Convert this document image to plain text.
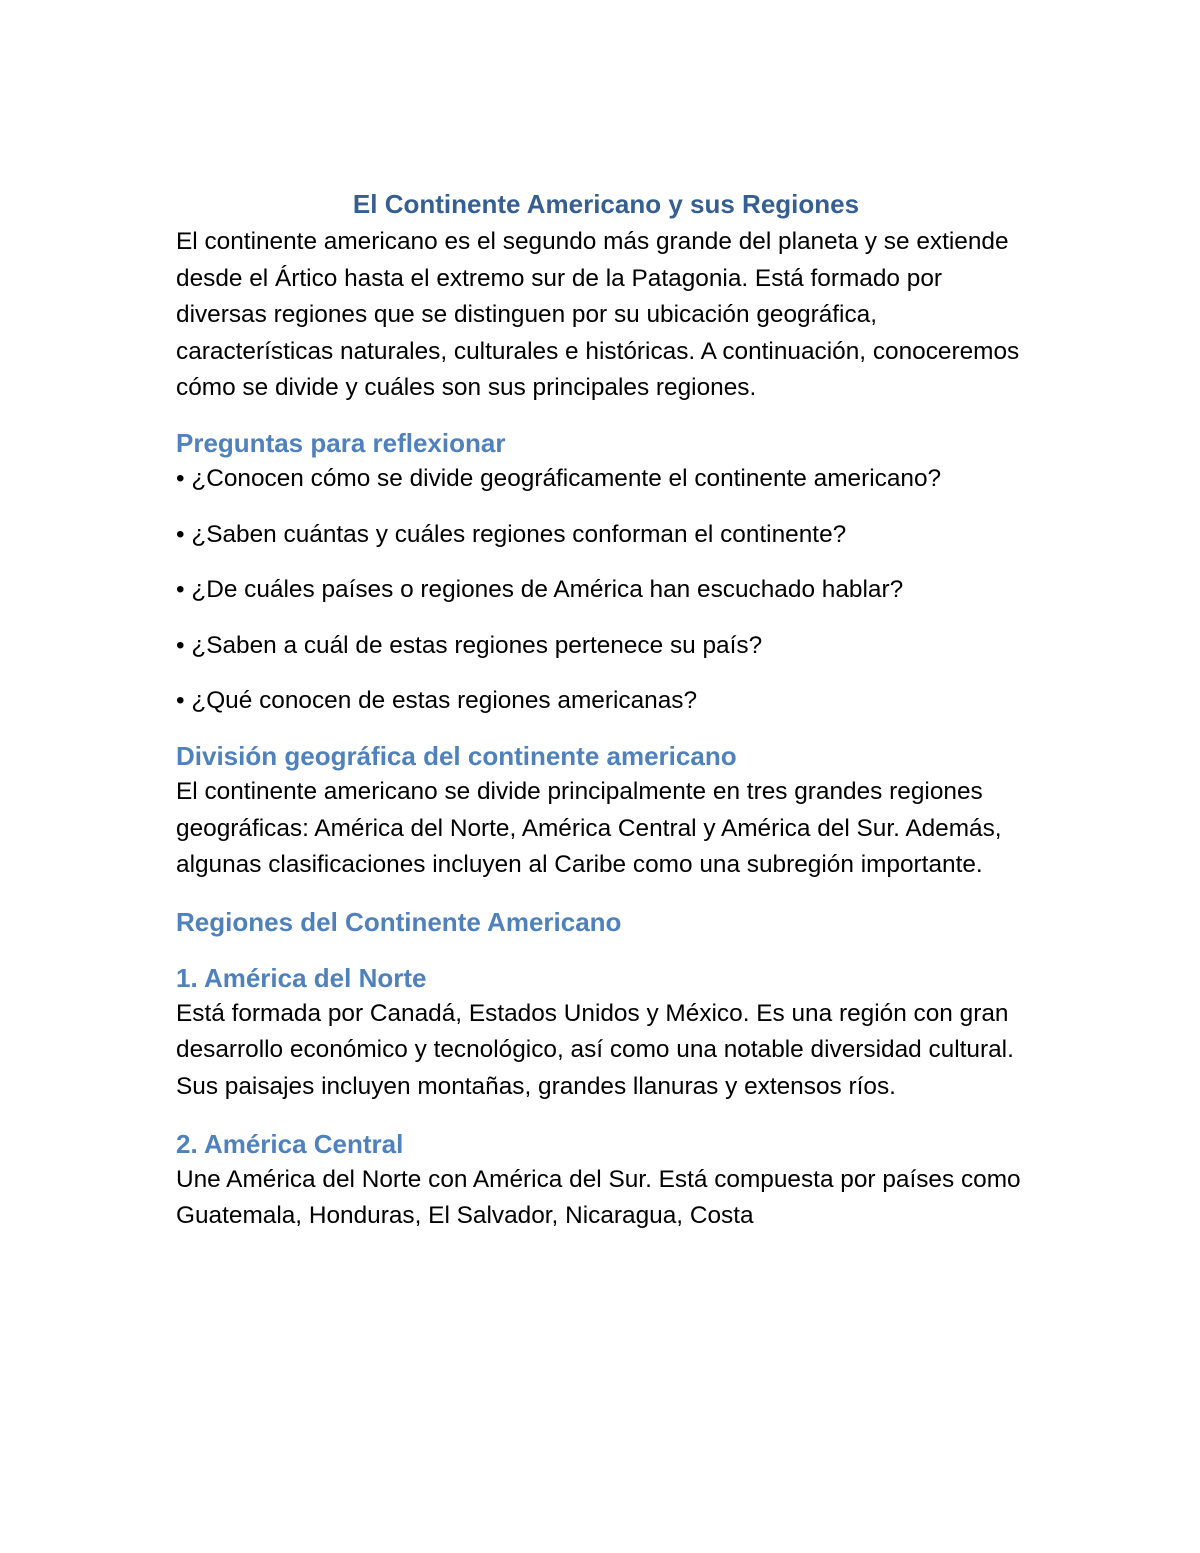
El Continente Americano y sus Regiones

El continente americano es el segundo más grande del planeta y se extiende desde el Ártico hasta el extremo sur de la Patagonia. Está formado por diversas regiones que se distinguen por su ubicación geográfica, características naturales, culturales e históricas. A continuación, conoceremos cómo se divide y cuáles son sus principales regiones.

Preguntas para reflexionar

• ¿Conocen cómo se divide geográficamente el continente americano?

• ¿Saben cuántas y cuáles regiones conforman el continente?

• ¿De cuáles países o regiones de América han escuchado hablar?

• ¿Saben a cuál de estas regiones pertenece su país?

• ¿Qué conocen de estas regiones americanas?

División geográfica del continente americano

El continente americano se divide principalmente en tres grandes regiones geográficas: América del Norte, América Central y América del Sur. Además, algunas clasificaciones incluyen al Caribe como una subregión importante.

Regiones del Continente Americano
1. América del Norte

Está formada por Canadá, Estados Unidos y México. Es una región con gran desarrollo económico y tecnológico, así como una notable diversidad cultural. Sus paisajes incluyen montañas, grandes llanuras y extensos ríos.

2. América Central

Une América del Norte con América del Sur. Está compuesta por países como Guatemala, Honduras, El Salvador, Nicaragua, Costa
